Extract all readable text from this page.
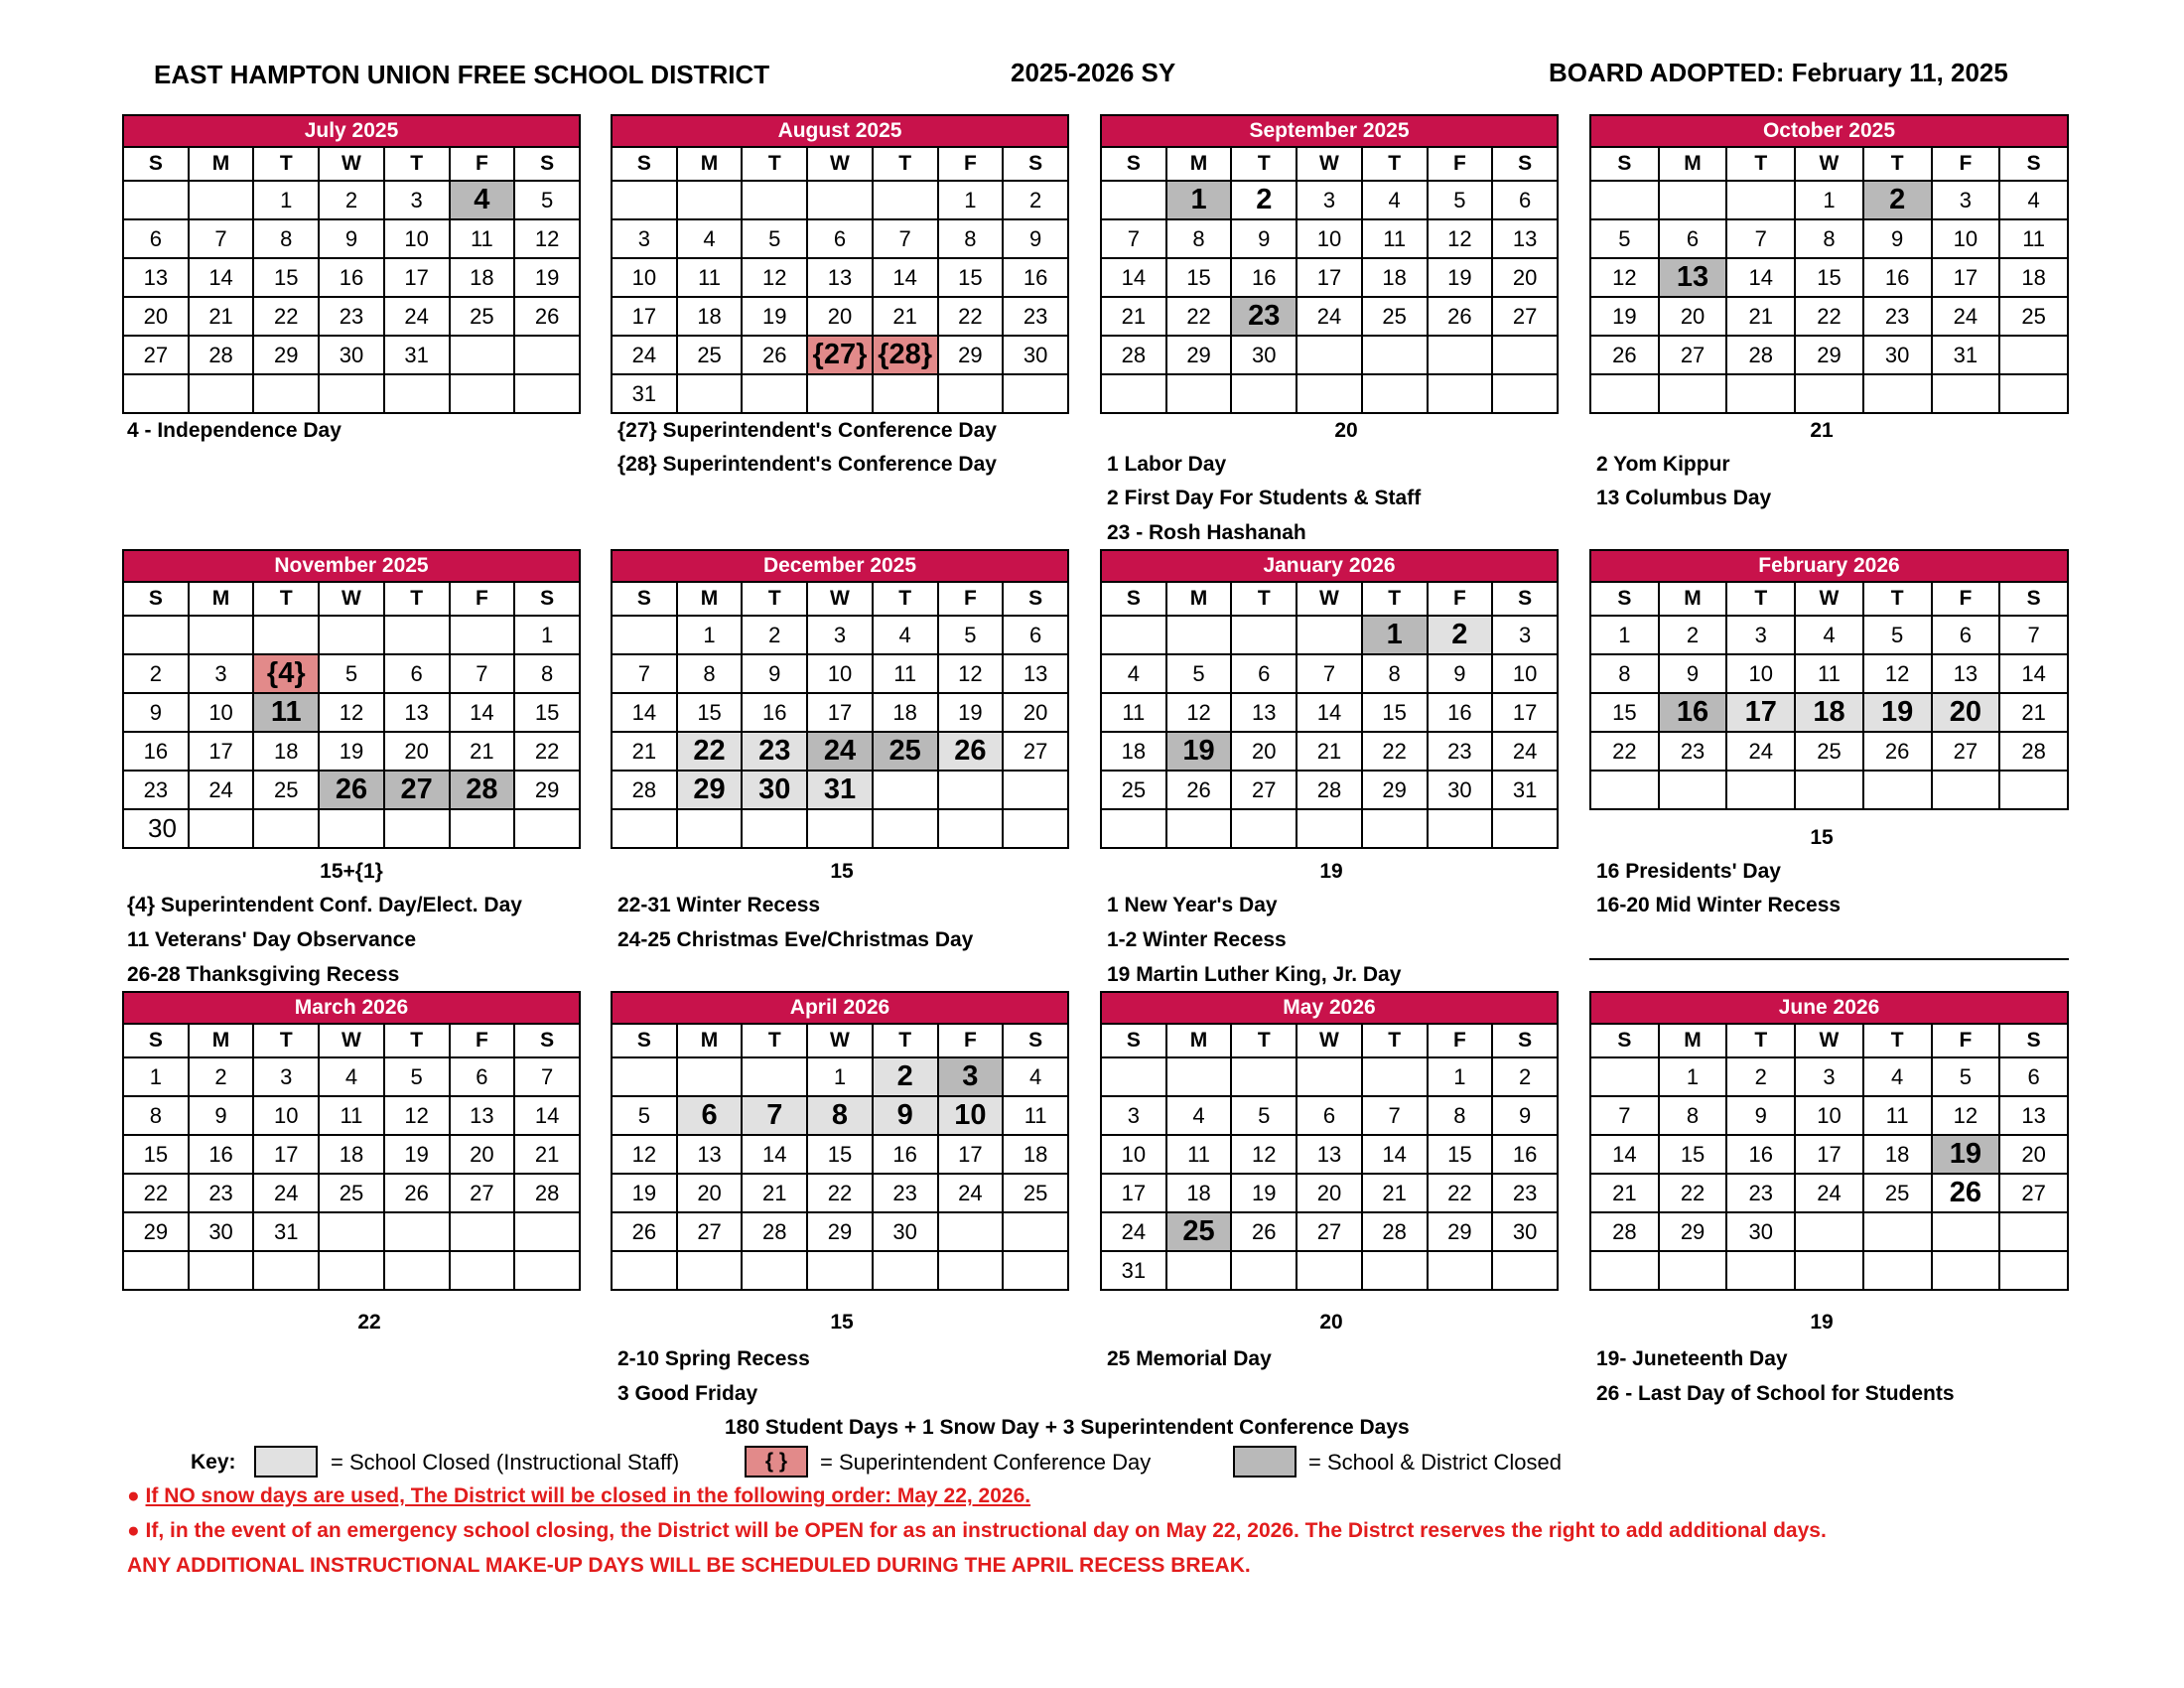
EAST HAMPTON UNION FREE SCHOOL DISTRICT	2025-2026 SY	BOARD ADOPTED: February 11, 2025
July 2025						
S	M	T	W	T	F	S
		1	2	3	4	5
6	7	8	9	10	11	12
13	14	15	16	17	18	19
20	21	22	23	24	25	26
27	28	29	30	31		

August 2025						
S	M	T	W	T	F	S
					1	2
3	4	5	6	7	8	9
10	11	12	13	14	15	16
17	18	19	20	21	22	23
24	25	26	{27}	{28}	29	30
31						
September 2025						
S	M	T	W	T	F	S
	1	2	3	4	5	6
7	8	9	10	11	12	13
14	15	16	17	18	19	20
21	22	23	24	25	26	27
28	29	30				

October 2025						
S	M	T	W	T	F	S
			1	2	3	4
5	6	7	8	9	10	11
12	13	14	15	16	17	18
19	20	21	22	23	24	25
26	27	28	29	30	31	

November 2025						
S	M	T	W	T	F	S
						1
2	3	{4}	5	6	7	8
9	10	11	12	13	14	15
16	17	18	19	20	21	22
23	24	25	26	27	28	29
30						
December 2025						
S	M	T	W	T	F	S
	1	2	3	4	5	6
7	8	9	10	11	12	13
14	15	16	17	18	19	20
21	22	23	24	25	26	27
28	29	30	31			

January 2026						
S	M	T	W	T	F	S
				1	2	3
4	5	6	7	8	9	10
11	12	13	14	15	16	17
18	19	20	21	22	23	24
25	26	27	28	29	30	31

February 2026						
S	M	T	W	T	F	S
1	2	3	4	5	6	7
8	9	10	11	12	13	14
15	16	17	18	19	20	21
22	23	24	25	26	27	28

March 2026						
S	M	T	W	T	F	S
1	2	3	4	5	6	7
8	9	10	11	12	13	14
15	16	17	18	19	20	21
22	23	24	25	26	27	28
29	30	31				

April 2026						
S	M	T	W	T	F	S
			1	2	3	4
5	6	7	8	9	10	11
12	13	14	15	16	17	18
19	20	21	22	23	24	25
26	27	28	29	30		

May 2026						
S	M	T	W	T	F	S
					1	2
3	4	5	6	7	8	9
10	11	12	13	14	15	16
17	18	19	20	21	22	23
24	25	26	27	28	29	30
31						
June 2026						
S	M	T	W	T	F	S
	1	2	3	4	5	6
7	8	9	10	11	12	13
14	15	16	17	18	19	20
21	22	23	24	25	26	27
28	29	30				

20	21
15+{1}	15	19
15
22	15	20	19
4 - Independence Day	{27} Superintendent's Conference Day
{28} Superintendent's Conference Day	1 Labor Day
2 First Day For Students & Staff
23 - Rosh Hashanah
2 Yom Kippur
13 Columbus Day
{4} Superintendent Conf. Day/Elect. Day
11 Veterans' Day Observance
26-28 Thanksgiving Recess
22-31 Winter Recess
24-25 Christmas Eve/Christmas Day
1 New Year's Day
1-2 Winter Recess
19 Martin Luther King, Jr. Day
16 Presidents' Day
16-20 Mid Winter Recess
2-10 Spring Recess
3 Good Friday
25 Memorial Day	19- Juneteenth Day
26 - Last Day of School for Students
180 Student Days + 1 Snow Day + 3 Superintendent Conference Days
Key:	= School Closed (Instructional Staff)	{ }	= Superintendent Conference Day	= School & District Closed
● If NO snow days are used, The District will be closed in the following order: May 22, 2026.
● If, in the event of an emergency school closing, the District will be OPEN for as an instructional day on May 22, 2026. The Distrct reserves the right to add additional days.
ANY ADDITIONAL INSTRUCTIONAL MAKE-UP DAYS WILL BE SCHEDULED DURING THE APRIL RECESS BREAK.
